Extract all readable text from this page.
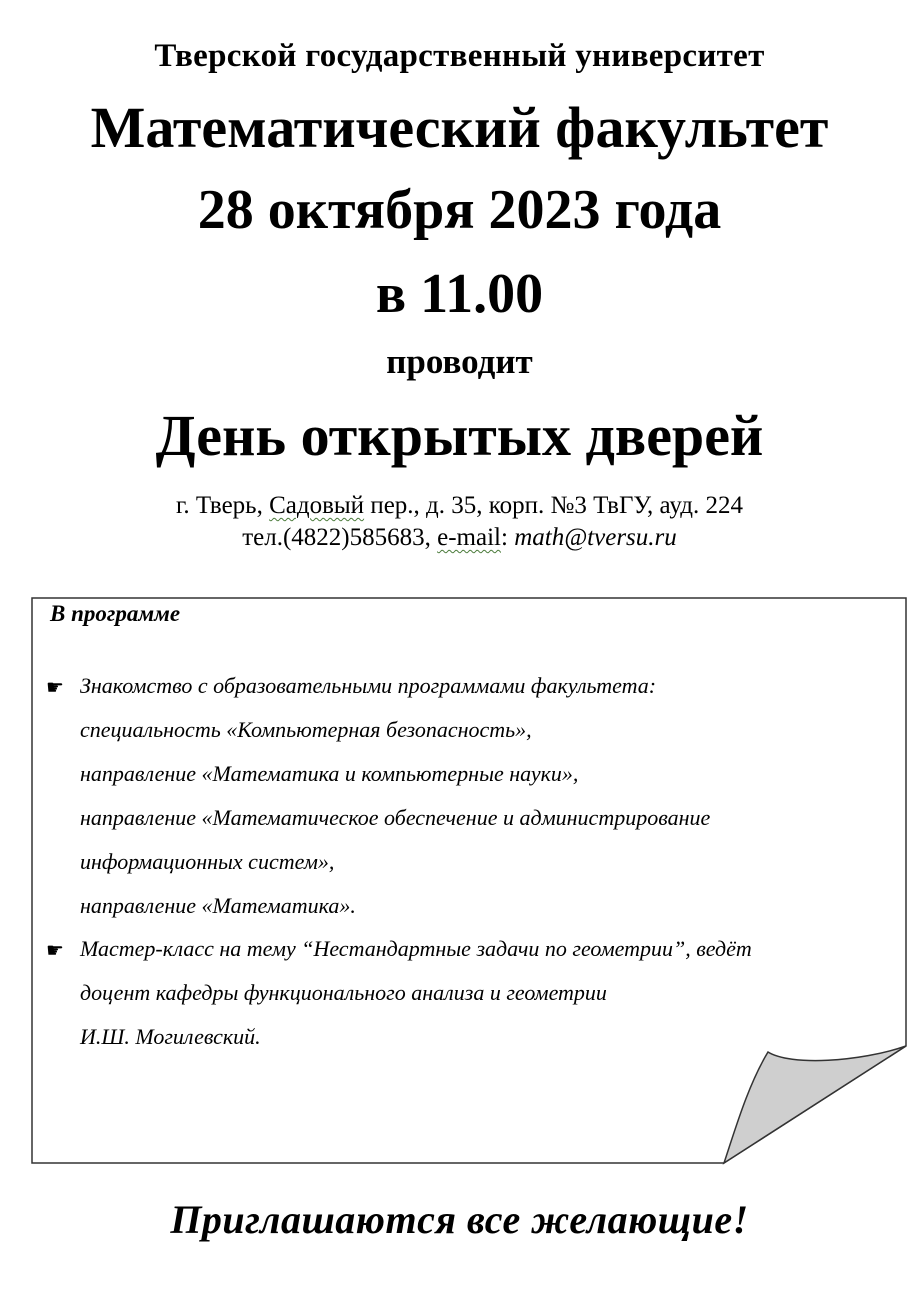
Тверской государственный университет
Математический факультет
28 октября 2023 года
в 11.00
проводит
День открытых дверей
г. Тверь, Садовый пер., д. 35, корп. №3 ТвГУ, ауд. 224
тел.(4822)585683, e-mail: math@tversu.ru
В программе
☛ Знакомство с образовательными программами факультета:
специальность «Компьютерная безопасность»,
направление «Математика и компьютерные науки»,
направление «Математическое обеспечение и администрирование
информационных систем»,
направление «Математика».
☛ Мастер-класс на тему “Нестандартные задачи по геометрии”, ведёт
доцент кафедры функционального анализа и геометрии
И.Ш. Могилевский.
Приглашаются все желающие!
